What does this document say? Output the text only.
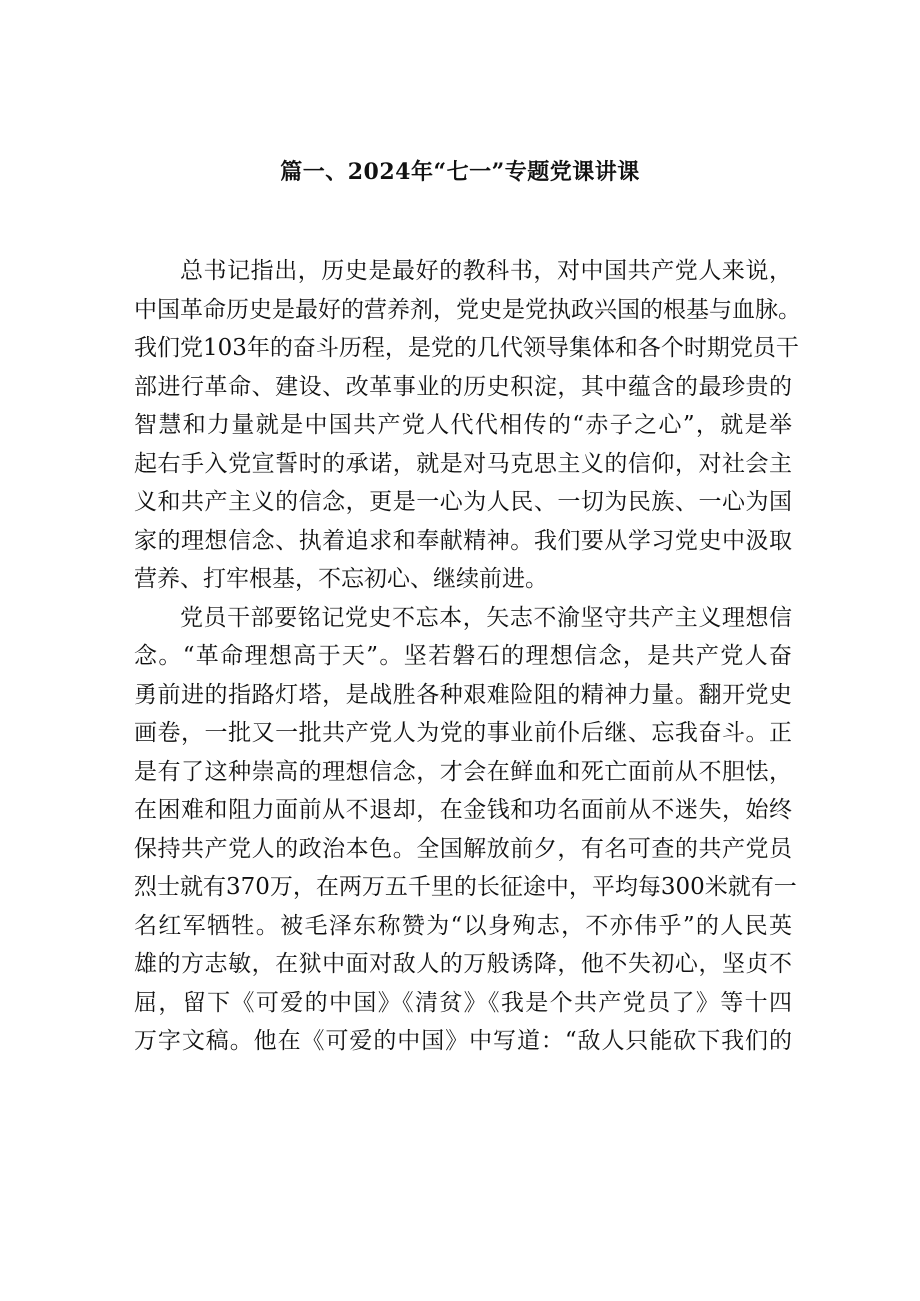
篇一、2024年“七一”专题党课讲课
总书记指出，历史是最好的教科书，对中国共产党人来说，
中国革命历史是最好的营养剂，党史是党执政兴国的根基与血脉。
我们党103年的奋斗历程，是党的几代领导集体和各个时期党员干
部进行革命、建设、改革事业的历史积淀，其中蕴含的最珍贵的
智慧和力量就是中国共产党人代代相传的“赤子之心”，就是举
起右手入党宣誓时的承诺，就是对马克思主义的信仰，对社会主
义和共产主义的信念，更是一心为人民、一切为民族、一心为国
家的理想信念、执着追求和奉献精神。我们要从学习党史中汲取
营养、打牢根基，不忘初心、继续前进。
党员干部要铭记党史不忘本，矢志不渝坚守共产主义理想信
念。“革命理想高于天”。坚若磐石的理想信念，是共产党人奋
勇前进的指路灯塔，是战胜各种艰难险阻的精神力量。翻开党史
画卷，一批又一批共产党人为党的事业前仆后继、忘我奋斗。正
是有了这种崇高的理想信念，才会在鲜血和死亡面前从不胆怯，
在困难和阻力面前从不退却，在金钱和功名面前从不迷失，始终
保持共产党人的政治本色。全国解放前夕，有名可查的共产党员
烈士就有370万，在两万五千里的长征途中，平均每300米就有一
名红军牺牲。被毛泽东称赞为“以身殉志，不亦伟乎”的人民英
雄的方志敏，在狱中面对敌人的万般诱降，他不失初心，坚贞不
屈，留下《可爱的中国》《清贫》《我是个共产党员了》等十四
万字文稿。他在《可爱的中国》中写道：“敌人只能砍下我们的
